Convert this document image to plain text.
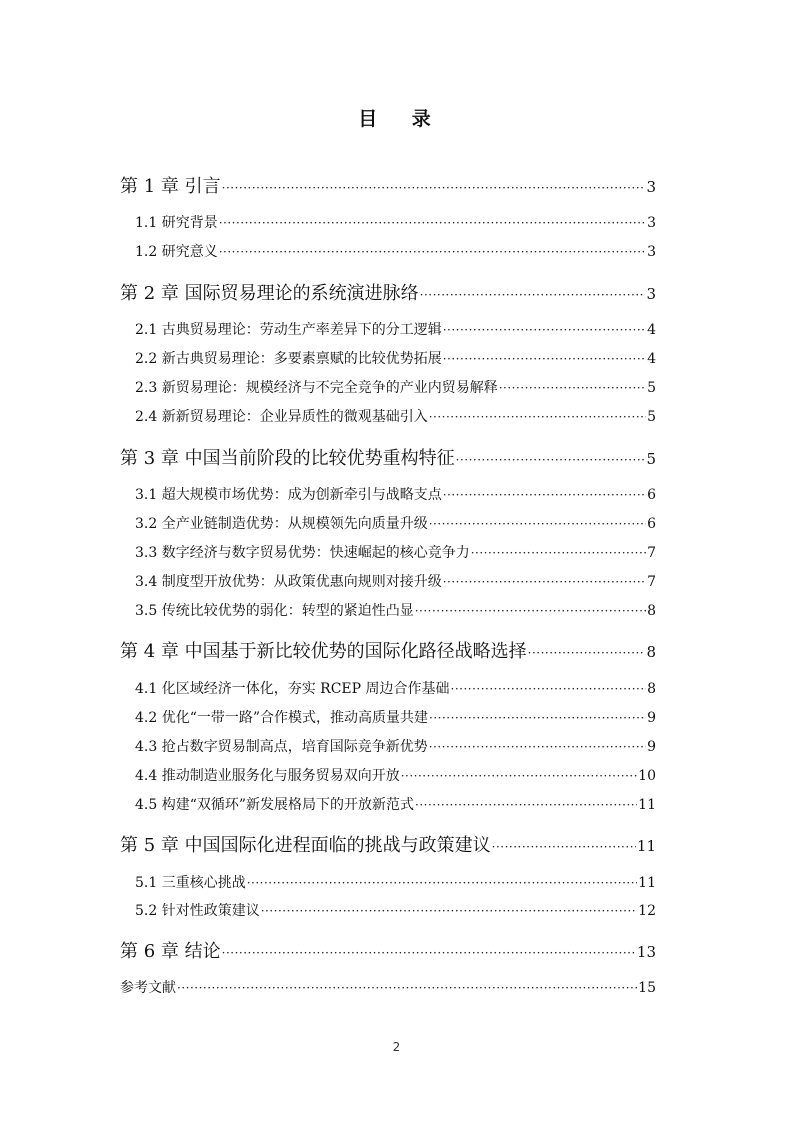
目 录
第 1 章 引言 ·····	3
1.1 研究背景 ·····	3
1.2 研究意义 ·····	3
第 2 章 国际贸易理论的系统演进脉络 ·····	3
2.1 古典贸易理论：劳动生产率差异下的分工逻辑 ·····	4
2.2 新古典贸易理论：多要素禀赋的比较优势拓展 ·····	4
2.3 新贸易理论：规模经济与不完全竞争的产业内贸易解释 ·····	5
2.4 新新贸易理论：企业异质性的微观基础引入 ·····	5
第 3 章 中国当前阶段的比较优势重构特征 ·····	5
3.1 超大规模市场优势：成为创新牵引与战略支点 ·····	6
3.2 全产业链制造优势：从规模领先向质量升级 ·····	6
3.3 数字经济与数字贸易优势：快速崛起的核心竞争力 ·····	7
3.4 制度型开放优势：从政策优惠向规则对接升级 ·····	7
3.5 传统比较优势的弱化：转型的紧迫性凸显 ·····	8
第 4 章 中国基于新比较优势的国际化路径战略选择 ·····	8
4.1 化区域经济一体化，夯实 RCEP 周边合作基础 ·····	8
4.2 优化“一带一路”合作模式，推动高质量共建 ·····	9
4.3 抢占数字贸易制高点，培育国际竞争新优势 ·····	9
4.4 推动制造业服务化与服务贸易双向开放 ·····	10
4.5 构建“双循环”新发展格局下的开放新范式 ·····	11
第 5 章 中国国际化进程面临的挑战与政策建议 ·····	11
5.1 三重核心挑战 ·····	11
5.2 针对性政策建议 ·····	12
第 6 章 结论 ·····	13
参考文献 ·····	15
2
